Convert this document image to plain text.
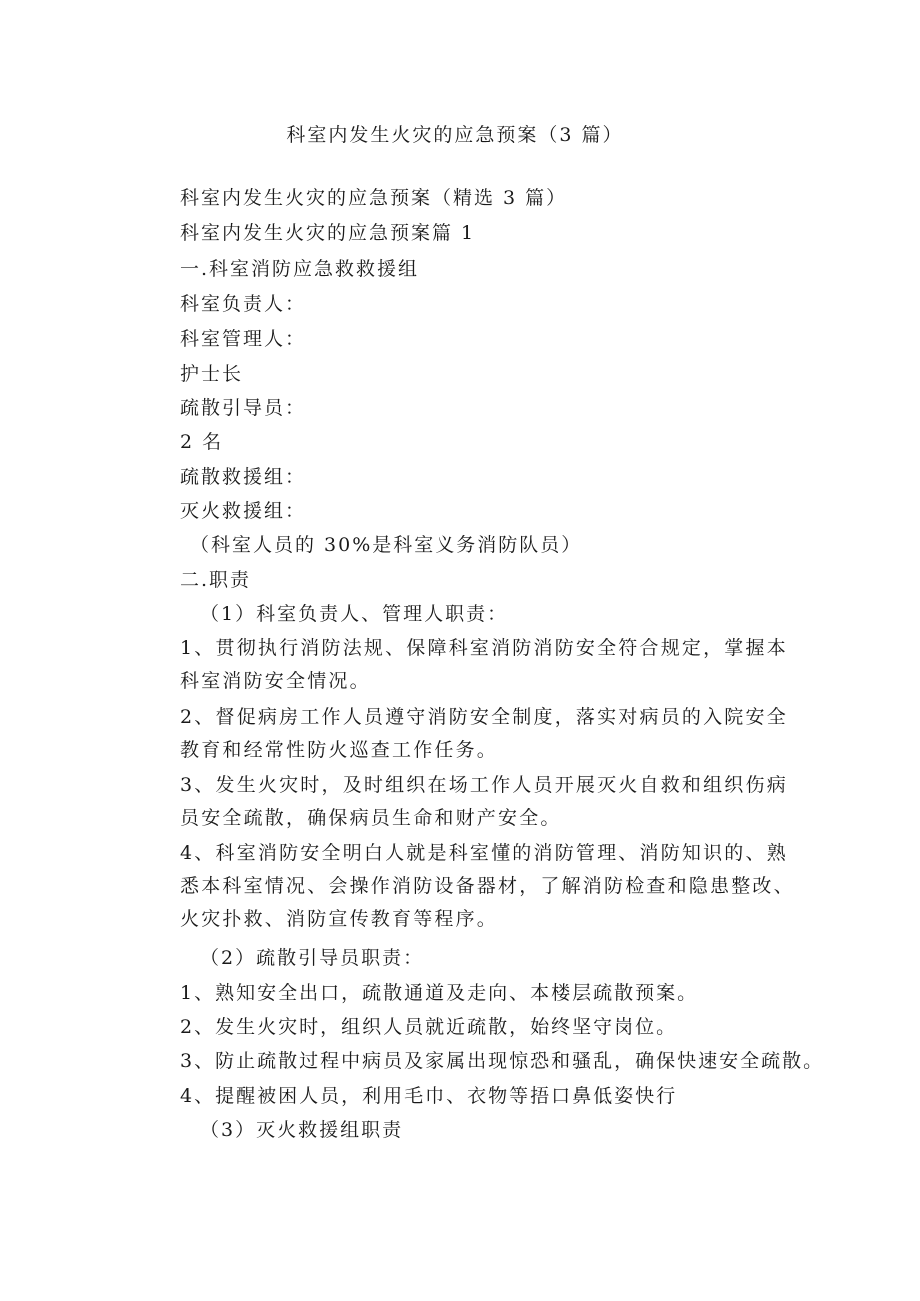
科室内发生火灾的应急预案（3 篇）
科室内发生火灾的应急预案（精选 3 篇）
科室内发生火灾的应急预案篇 1
一.科室消防应急救救援组
科室负责人：
科室管理人：
护士长
疏散引导员：
2 名
疏散救援组：
灭火救援组：
（科室人员的 30%是科室义务消防队员）
二.职责
（1）科室负责人、管理人职责：
1、贯彻执行消防法规、保障科室消防消防安全符合规定，掌握本科室消防安全情况。
2、督促病房工作人员遵守消防安全制度，落实对病员的入院安全教育和经常性防火巡查工作任务。
3、发生火灾时，及时组织在场工作人员开展灭火自救和组织伤病员安全疏散，确保病员生命和财产安全。
4、科室消防安全明白人就是科室懂的消防管理、消防知识的、熟悉本科室情况、会操作消防设备器材，了解消防检查和隐患整改、火灾扑救、消防宣传教育等程序。
（2）疏散引导员职责：
1、熟知安全出口，疏散通道及走向、本楼层疏散预案。
2、发生火灾时，组织人员就近疏散，始终坚守岗位。
3、防止疏散过程中病员及家属出现惊恐和骚乱，确保快速安全疏散。
4、提醒被困人员，利用毛巾、衣物等捂口鼻低姿快行
（3）灭火救援组职责
